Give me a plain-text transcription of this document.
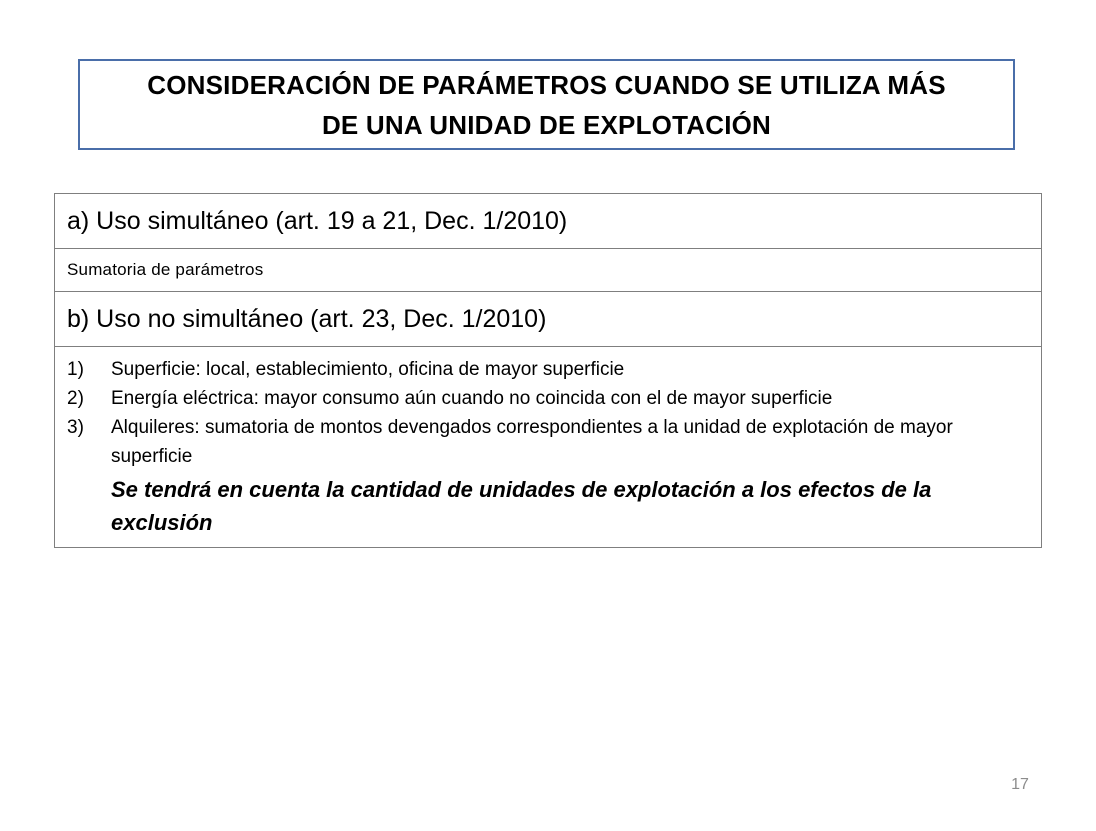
CONSIDERACIÓN DE PARÁMETROS CUANDO SE UTILIZA MÁS
DE UNA UNIDAD DE EXPLOTACIÓN
a) Uso simultáneo (art. 19 a 21, Dec. 1/2010)
Sumatoria de parámetros
b) Uso no simultáneo (art. 23, Dec. 1/2010)

1) Superficie: local, establecimiento, oficina de mayor superficie
2) Energía eléctrica: mayor consumo aún cuando no coincida con el de mayor superficie
3) Alquileres: sumatoria de montos devengados correspondientes a la unidad de explotación de mayor superficie
Se tendrá en cuenta la cantidad de unidades de explotación a los efectos de la exclusión
17
